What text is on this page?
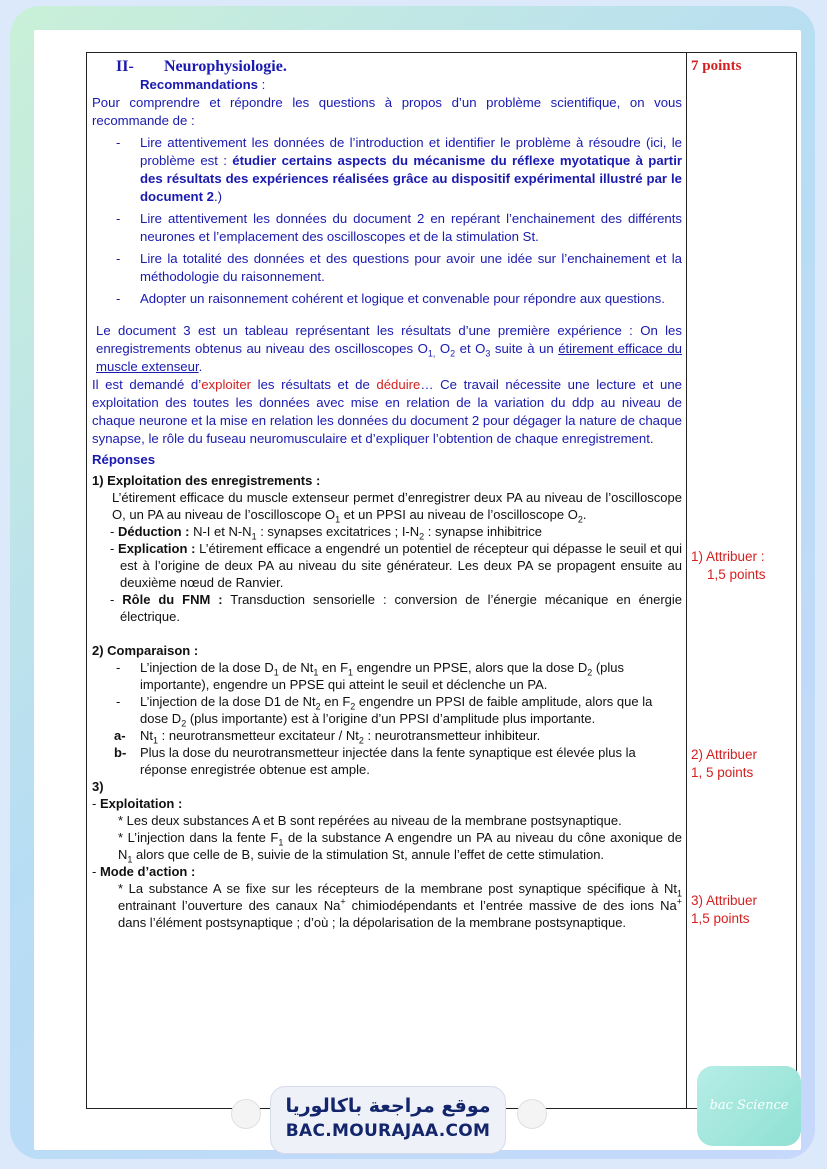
II- Neurophysiologie.
Recommandations :
Pour comprendre et répondre les questions à propos d’un problème scientifique, on vous recommande de :
- Lire attentivement les données de l’introduction et identifier le problème à résoudre (ici, le problème est : étudier certains aspects du mécanisme du réflexe myotatique à partir des résultats des expériences réalisées grâce au dispositif expérimental illustré par le document 2.)
- Lire attentivement les données du document 2 en repérant l’enchainement des différents neurones et l’emplacement des oscilloscopes et de la stimulation St.
- Lire la totalité des données et des questions pour avoir une idée sur l’enchainement et la méthodologie du raisonnement.
- Adopter un raisonnement cohérent et logique et convenable pour répondre aux questions.
Le document 3 est un tableau représentant les résultats d’une première expérience : On les enregistrements obtenus au niveau des oscilloscopes $O_{1,}$ $O_2$ et $O_3$ suite à un étirement efficace du muscle extenseur.
Il est demandé d’exploiter les résultats et de déduire… Ce travail nécessite une lecture et une exploitation des toutes les données avec mise en relation de la variation du ddp au niveau de chaque neurone et la mise en relation les données du document 2 pour dégager la nature de chaque synapse, le rôle du fuseau neuromusculaire et d’expliquer l’obtention de chaque enregistrement.
Réponses
1) Exploitation des enregistrements :
L’étirement efficace du muscle extenseur permet d’enregistrer deux PA au niveau de l’oscilloscope O, un PA au niveau de l’oscilloscope $O_1$ et un PPSI au niveau de l’oscilloscope $O_2$.
- Déduction : N-I et $N-N_1$ : synapses excitatrices ; $I-N_2$ : synapse inhibitrice
- Explication : L’étirement efficace a engendré un potentiel de récepteur qui dépasse le seuil et qui est à l’origine de deux PA au niveau du site générateur. Les deux PA se propagent ensuite au deuxième nœud de Ranvier.
- Rôle du FNM : Transduction sensorielle : conversion de l’énergie mécanique en énergie électrique.
2) Comparaison :
- L’injection de la dose $D_1$ de $Nt_1$ en $F_1$ engendre un PPSE, alors que la dose $D_2$ (plus importante), engendre un PPSE qui atteint le seuil et déclenche un PA.
- L’injection de la dose D1 de $Nt_2$ en $F_2$ engendre un PPSI de faible amplitude, alors que la dose $D_2$ (plus importante) est à l’origine d’un PPSI d’amplitude plus importante.
a- $Nt_1$ : neurotransmetteur excitateur / $Nt_2$ : neurotransmetteur inhibiteur.
b- Plus la dose du neurotransmetteur injectée dans la fente synaptique est élevée plus la réponse enregistrée obtenue est ample.
3)
- Exploitation :
* Les deux substances A et B sont repérées au niveau de la membrane postsynaptique.
* L’injection dans la fente $F_1$ de la substance A engendre un PA au niveau du cône axonique de $N_1$ alors que celle de B, suivie de la stimulation St, annule l’effet de cette stimulation.
- Mode d’action :
* La substance A se fixe sur les récepteurs de la membrane post synaptique spécifique à $Nt_1$ entrainant l’ouverture des canaux Na+ chimiodépendants et l’entrée massive de des ions Na+ dans l’élément postsynaptique ; d’où ; la dépolarisation de la membrane postsynaptique.
7 points
1) Attribuer :
1,5 points
2) Attribuer
1, 5 points
3) Attribuer
1,5 points
موقع مراجعة باكالوريا
BAC.MOURAJAA.COM
bac Science
